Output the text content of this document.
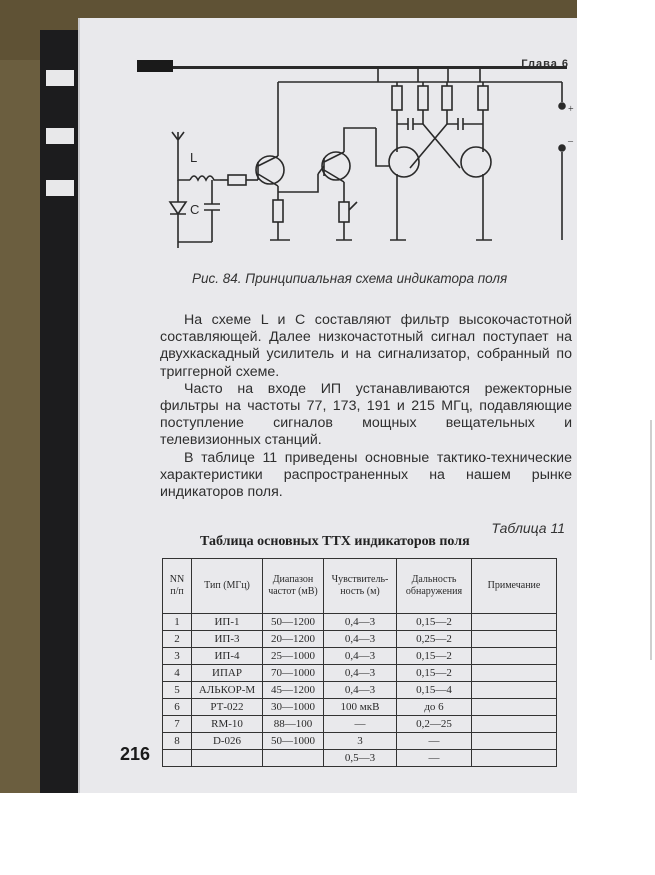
Глава 6
L
C
+
–
Рис. 84. Принципиальная схема индикатора поля

На схеме L и C составляют фильтр высокочастотной составляющей. Далее низкочастотный сигнал поступает на двухкаскадный усилитель и на сигнализатор, собранный по триггерной схеме.

Часто на входе ИП устанавливаются режекторные фильтры на частоты 77, 173, 191 и 215 МГц, подавляющие поступление сигналов мощных вещательных и телевизионных станций.

В таблице 11 приведены основные тактико-технические характеристики распространенных на нашем рынке индикаторов поля.

Таблица 11
Таблица основных ТТХ индикаторов поля
NN п/п	Тип (МГц)	Диапазон частот (мВ)	Чувствительность (м)	Дальность обнаружения	Примечание
1	ИП-1	50—1200	0,4—3	0,15—2	
2	ИП-3	20—1200	0,4—3	0,25—2	
3	ИП-4	25—1000	0,4—3	0,15—2	
4	ИПАР	70—1000	0,4—3	0,15—2	
5	АЛЬКОР-М	45—1200	0,4—3	0,15—4	
6	РТ-022	30—1000	100 мкВ	до 6	
7	RM-10	88—100	—	0,2—25	
8	D-026	50—1000	3	—	
			0,5—3	—	
216
